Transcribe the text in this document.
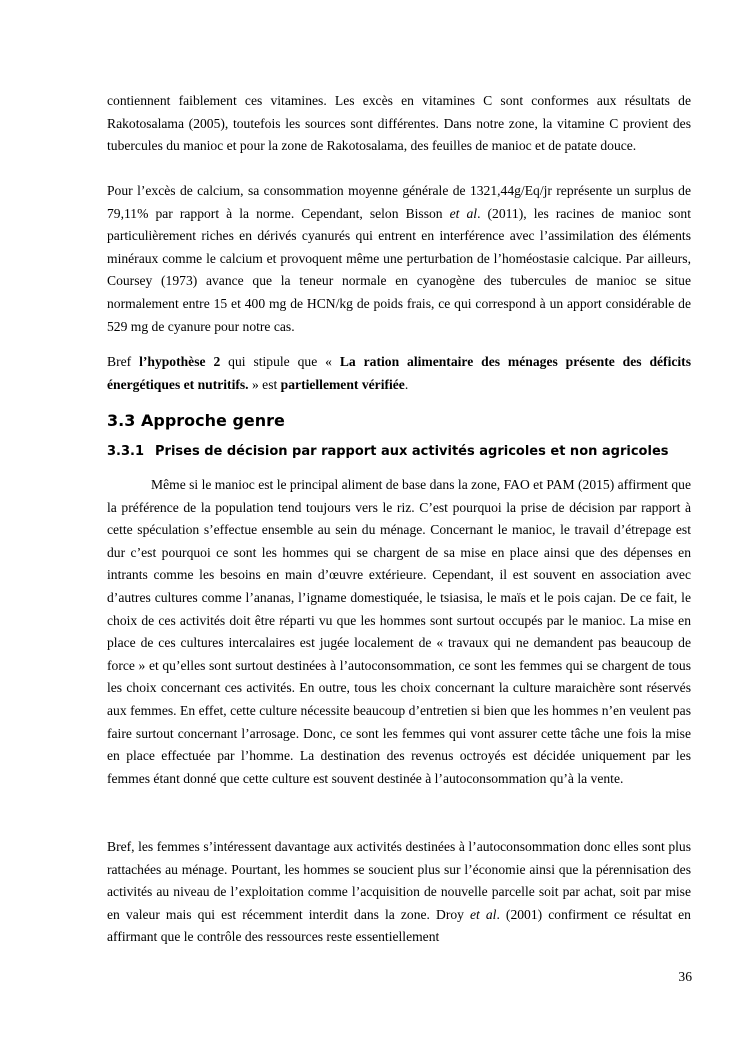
contiennent faiblement ces vitamines. Les excès en vitamines C sont conformes aux résultats de Rakotosalama (2005), toutefois les sources sont différentes. Dans notre zone, la vitamine C provient des tubercules du manioc et pour la zone de Rakotosalama, des feuilles de manioc et de patate douce.

Pour l’excès de calcium, sa consommation moyenne générale de 1321,44g/Eq/jr représente un surplus de 79,11% par rapport à la norme. Cependant, selon Bisson et al. (2011), les racines de manioc sont particulièrement riches en dérivés cyanurés qui entrent en interférence avec l’assimilation des éléments minéraux comme le calcium et provoquent même une perturbation de l’homéostasie calcique. Par ailleurs, Coursey (1973) avance que la teneur normale en cyanogène des tubercules de manioc se situe normalement entre 15 et 400 mg de HCN/kg de poids frais, ce qui correspond à un apport considérable de 529 mg de cyanure pour notre cas.

Bref l’hypothèse 2 qui stipule que « La ration alimentaire des ménages présente des déficits énergétiques et nutritifs. » est partiellement vérifiée.

3.3 Approche genre
3.3.1 Prises de décision par rapport aux activités agricoles et non agricoles

Même si le manioc est le principal aliment de base dans la zone, FAO et PAM (2015) affirment que la préférence de la population tend toujours vers le riz. C’est pourquoi la prise de décision par rapport à cette spéculation s’effectue ensemble au sein du ménage. Concernant le manioc, le travail d’étrepage est dur c’est pourquoi ce sont les hommes qui se chargent de sa mise en place ainsi que des dépenses en intrants comme les besoins en main d’œuvre extérieure. Cependant, il est souvent en association avec d’autres cultures comme l’ananas, l’igname domestiquée, le tsiasisa, le maïs et le pois cajan. De ce fait, le choix de ces activités doit être réparti vu que les hommes sont surtout occupés par le manioc. La mise en place de ces cultures intercalaires est jugée localement de « travaux qui ne demandent pas beaucoup de force » et qu’elles sont surtout destinées à l’autoconsommation, ce sont les femmes qui se chargent de tous les choix concernant ces activités. En outre, tous les choix concernant la culture maraichère sont réservés aux femmes. En effet, cette culture nécessite beaucoup d’entretien si bien que les hommes n’en veulent pas faire surtout concernant l’arrosage. Donc, ce sont les femmes qui vont assurer cette tâche une fois la mise en place effectuée par l’homme. La destination des revenus octroyés est décidée uniquement par les femmes étant donné que cette culture est souvent destinée à l’autoconsommation qu’à la vente.

Bref, les femmes s’intéressent davantage aux activités destinées à l’autoconsommation donc elles sont plus rattachées au ménage. Pourtant, les hommes se soucient plus sur l’économie ainsi que la pérennisation des activités au niveau de l’exploitation comme l’acquisition de nouvelle parcelle soit par achat, soit par mise en valeur mais qui est récemment interdit dans la zone. Droy et al. (2001) confirment ce résultat en affirmant que le contrôle des ressources reste essentiellement

36
